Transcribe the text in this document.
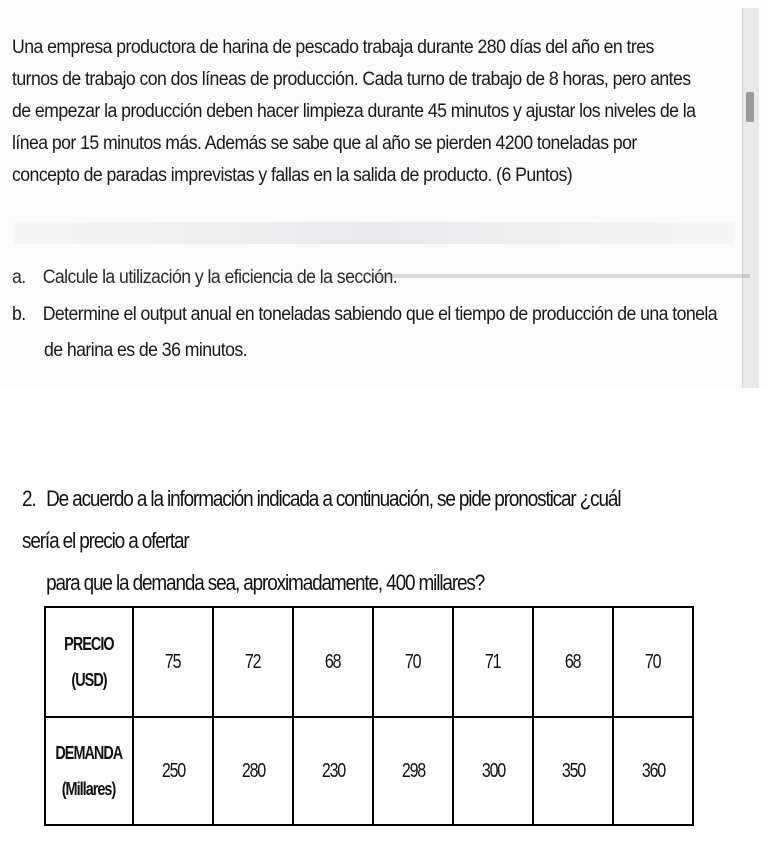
Una empresa productora de harina de pescado trabaja durante 280 días del año en tres turnos de trabajo con dos líneas de producción. Cada turno de trabajo de 8 horas, pero antes de empezar la producción deben hacer limpieza durante 45 minutos y ajustar los niveles de la línea por 15 minutos más. Además se sabe que al año se pierden 4200 toneladas por concepto de paradas imprevistas y fallas en la salida de producto. (6 Puntos)

a. Calcule la utilización y la eficiencia de la sección.
b. Determine el output anual en toneladas sabiendo que el tiempo de producción de una tonela
de harina es de 36 minutos.
2. De acuerdo a la información indicada a continuación, se pide pronosticar ¿cuál sería el precio a ofertar
para que la demanda sea, aproximadamente, 400 millares?
PRECIO
(USD)	75	72	68	70	71	68	70
DEMANDA
(Millares)	250	280	230	298	300	350	360
